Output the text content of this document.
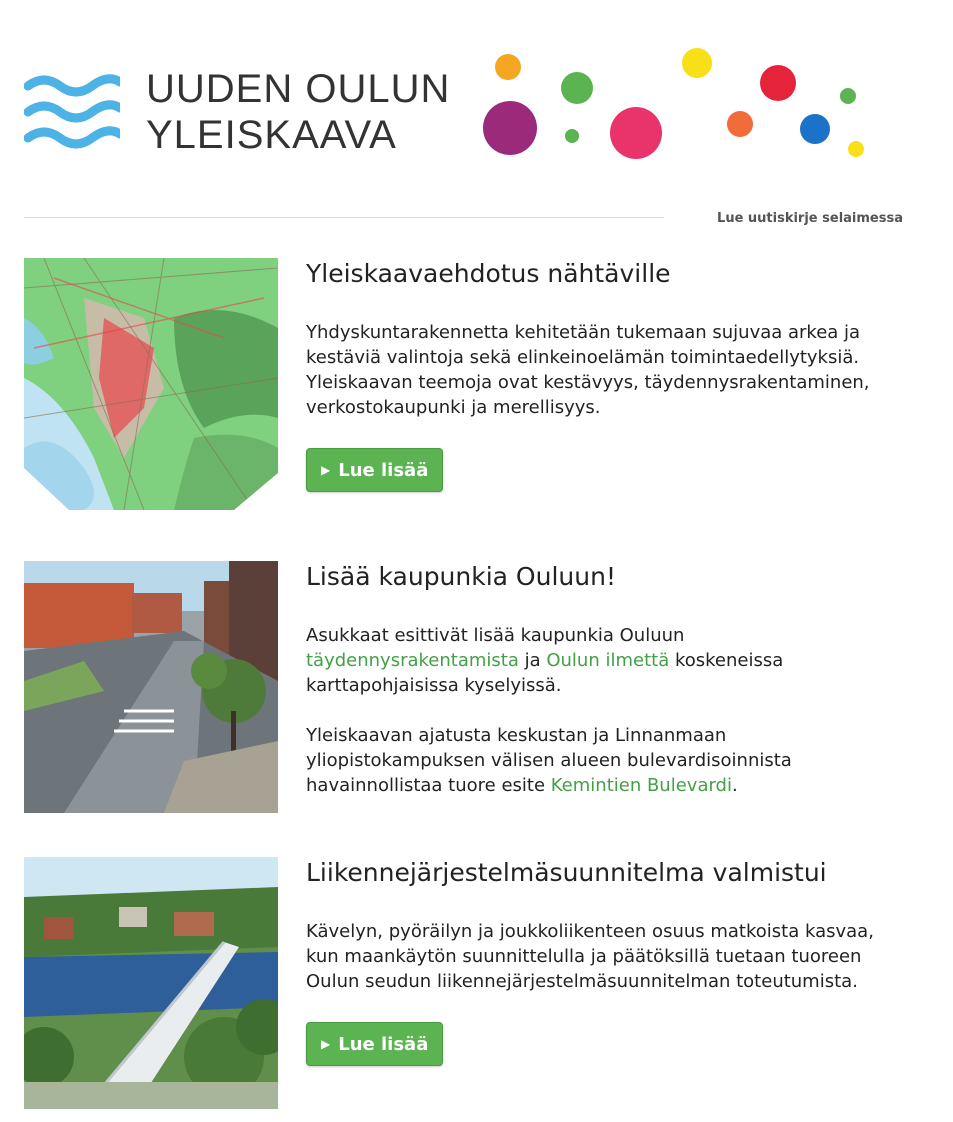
UUDEN OULUN
YLEISKAAVA
Lue uutiskirje selaimessa
Yleiskaavaehdotus nähtäville

Yhdyskuntarakennetta kehitetään tukemaan sujuvaa arkea ja kestäviä valintoja sekä elinkeinoelämän toimintaedellytyksiä. Yleiskaavan teemoja ovat kestävyys, täydennysrakentaminen, verkostokaupunki ja merellisyys.

▶ Lue lisää
Lisää kaupunkia Ouluun!

Asukkaat esittivät lisää kaupunkia Ouluun täydennysrakentamista ja Oulun ilmettä koskeneissa karttapohjaisissa kyselyissä.

Yleiskaavan ajatusta keskustan ja Linnanmaan yliopistokampuksen välisen alueen bulevardisoinnista havainnollistaa tuore esite Kemintien Bulevardi.

Liikennejärjestelmäsuunnitelma valmistui

Kävelyn, pyöräilyn ja joukkoliikenteen osuus matkoista kasvaa, kun maankäytön suunnittelulla ja päätöksillä tuetaan tuoreen Oulun seudun liikennejärjestelmäsuunnitelman toteutumista.

▶ Lue lisää
